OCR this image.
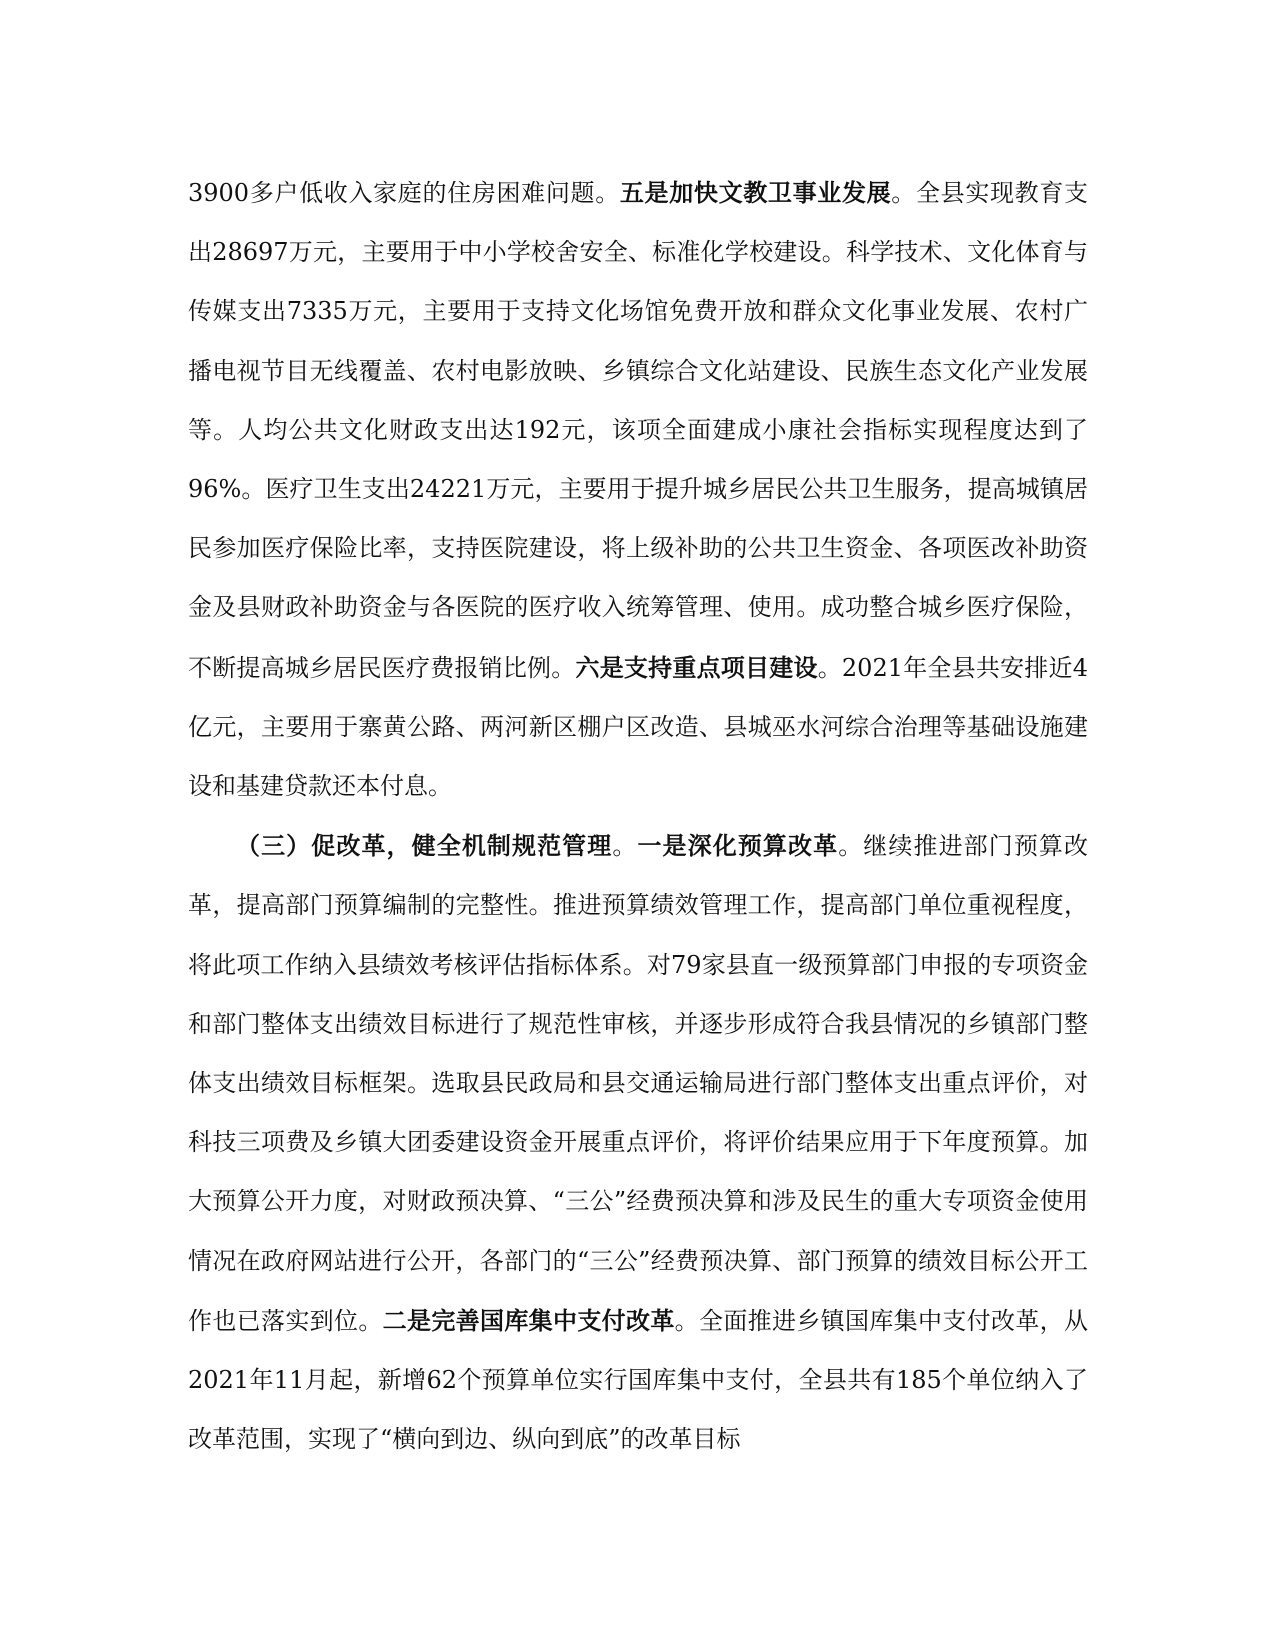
3900多户低收入家庭的住房困难问题。五是加快文教卫事业发展。全县实现教育支出28697万元，主要用于中小学校舍安全、标准化学校建设。科学技术、文化体育与传媒支出7335万元，主要用于支持文化场馆免费开放和群众文化事业发展、农村广播电视节目无线覆盖、农村电影放映、乡镇综合文化站建设、民族生态文化产业发展等。人均公共文化财政支出达192元，该项全面建成小康社会指标实现程度达到了96%。医疗卫生支出24221万元，主要用于提升城乡居民公共卫生服务，提高城镇居民参加医疗保险比率，支持医院建设，将上级补助的公共卫生资金、各项医改补助资金及县财政补助资金与各医院的医疗收入统筹管理、使用。成功整合城乡医疗保险，不断提高城乡居民医疗费报销比例。六是支持重点项目建设。2021年全县共安排近4亿元，主要用于寨黄公路、两河新区棚户区改造、县城巫水河综合治理等基础设施建设和基建贷款还本付息。

（三）促改革，健全机制规范管理。一是深化预算改革。继续推进部门预算改革，提高部门预算编制的完整性。推进预算绩效管理工作，提高部门单位重视程度，将此项工作纳入县绩效考核评估指标体系。对79家县直一级预算部门申报的专项资金和部门整体支出绩效目标进行了规范性审核，并逐步形成符合我县情况的乡镇部门整体支出绩效目标框架。选取县民政局和县交通运输局进行部门整体支出重点评价，对科技三项费及乡镇大团委建设资金开展重点评价，将评价结果应用于下年度预算。加大预算公开力度，对财政预决算、“三公”经费预决算和涉及民生的重大专项资金使用情况在政府网站进行公开，各部门的“三公”经费预决算、部门预算的绩效目标公开工作也已落实到位。二是完善国库集中支付改革。全面推进乡镇国库集中支付改革，从2021年11月起，新增62个预算单位实行国库集中支付，全县共有185个单位纳入了改革范围，实现了“横向到边、纵向到底”的改革目标
